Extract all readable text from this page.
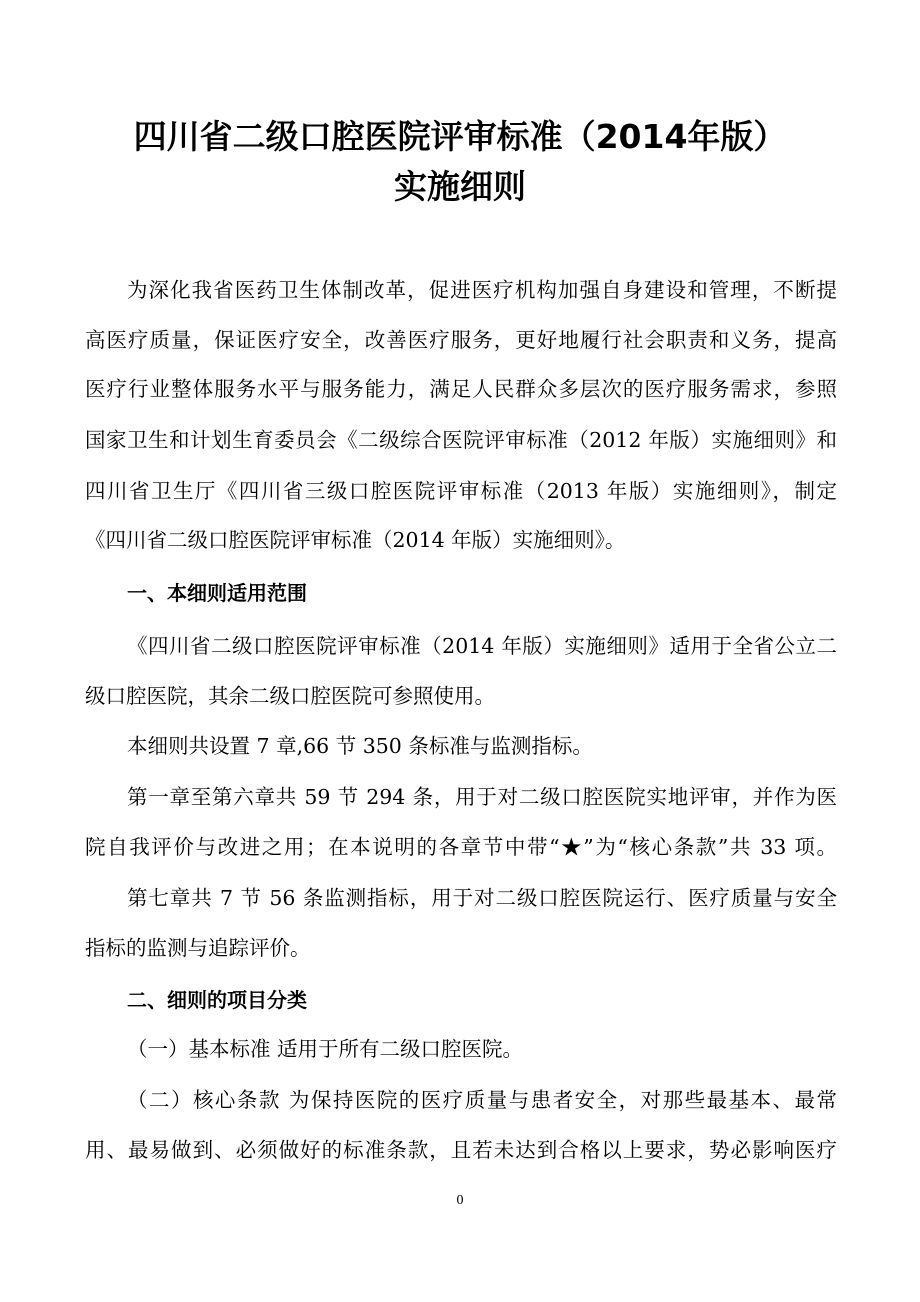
四川省二级口腔医院评审标准（2014年版）
实施细则

为深化我省医药卫生体制改革，促进医疗机构加强自身建设和管理，不断提

高医疗质量，保证医疗安全，改善医疗服务，更好地履行社会职责和义务，提高

医疗行业整体服务水平与服务能力，满足人民群众多层次的医疗服务需求，参照

国家卫生和计划生育委员会《二级综合医院评审标准（2012 年版）实施细则》和

四川省卫生厅《四川省三级口腔医院评审标准（2013 年版）实施细则》，制定

《四川省二级口腔医院评审标准（2014 年版）实施细则》。

一、本细则适用范围

《四川省二级口腔医院评审标准（2014 年版）实施细则》适用于全省公立二

级口腔医院，其余二级口腔医院可参照使用。

本细则共设置 7 章,66 节 350 条标准与监测指标。

第一章至第六章共 59 节 294 条，用于对二级口腔医院实地评审，并作为医

院自我评价与改进之用；在本说明的各章节中带“★”为“核心条款”共 33 项。

第七章共 7 节 56 条监测指标，用于对二级口腔医院运行、医疗质量与安全

指标的监测与追踪评价。

二、细则的项目分类

（一）基本标准 适用于所有二级口腔医院。

（二）核心条款 为保持医院的医疗质量与患者安全，对那些最基本、最常

用、最易做到、必须做好的标准条款，且若未达到合格以上要求，势必影响医疗

0
